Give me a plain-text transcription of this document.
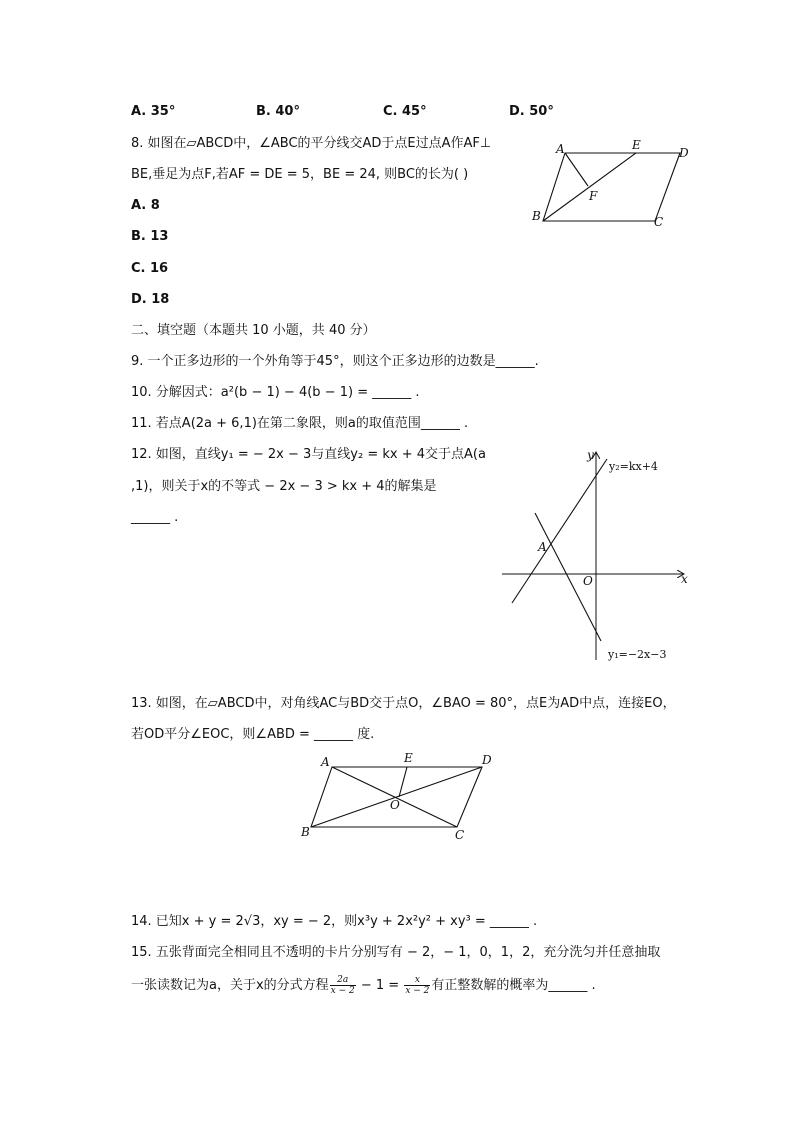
A. 35°	B. 40°	C. 45°	D. 50°
8. 如图在▱ABCD中，∠ABC的平分线交AD于点E过点A作AF⊥
BE,垂足为点F,若AF = DE = 5，BE = 24, 则BC的长为( )
A. 8
B. 13
C. 16
D. 18
A	E
D
F
B	C
二、填空题（本题共 10 小题，共 40 分）
9. 一个正多边形的一个外角等于45°，则这个正多边形的边数是______.
10. 分解因式：a²(b − 1) − 4(b − 1) = ______ .
11. 若点A(2a + 6,1)在第二象限，则a的取值范围______ .
12. 如图，直线y₁ = − 2x − 3与直线y₂ = kx + 4交于点A(a
,1)，则关于x的不等式 − 2x − 3 > kx + 4的解集是
______ .
y
x
O
A
y₂=kx+4
y₁=−2x−3
13. 如图，在▱ABCD中，对角线AC与BD交于点O，∠BAO = 80°，点E为AD中点，连接EO，
若OD平分∠EOC，则∠ABD = ______ 度.
A	E	D
O
B	C
14. 已知x + y = 2√3，xy = − 2，则x³y + 2x²y² + xy³ = ______ .
15. 五张背面完全相同且不透明的卡片分别写有 − 2，− 1，0，1，2，充分洗匀并任意抽取
一张读数记为a，关于x的分式方程 $\frac{2a}{x - 2} - 1 = \frac{x}{x - 2}$ 有正整数解的概率为______ .
